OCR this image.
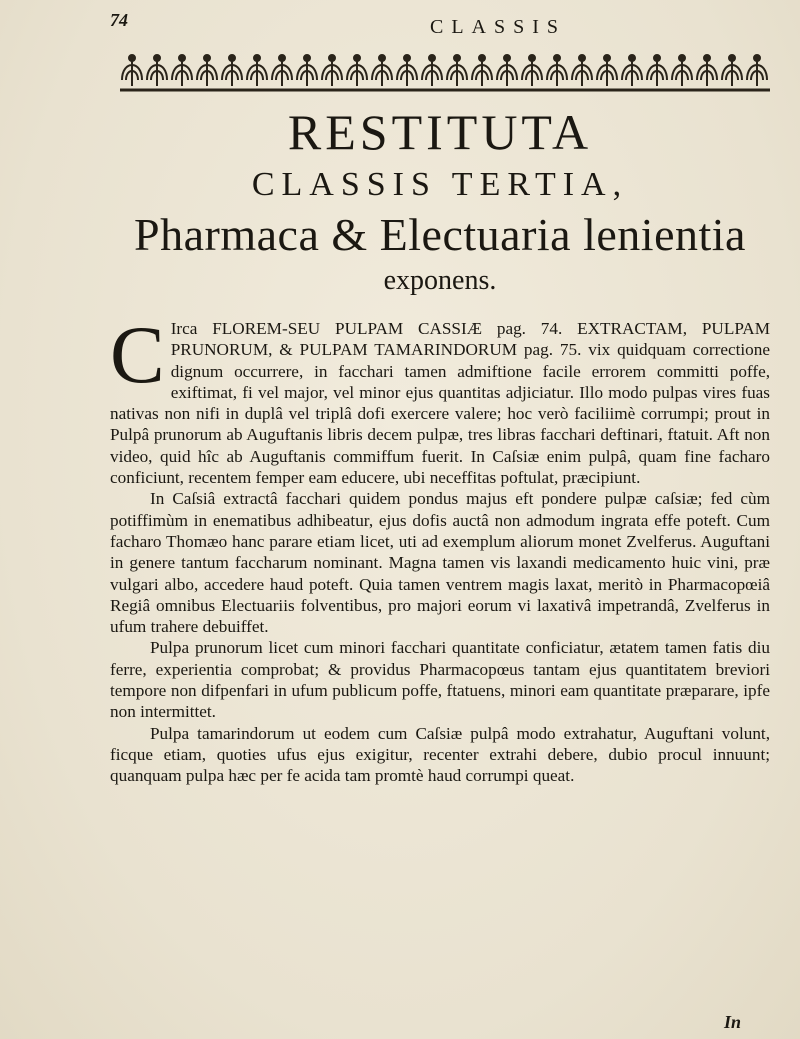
74	CLASSIS
RESTITUTA
CLASSIS TERTIA,
Pharmaca & Electuaria lenientia
exponens.

C Irca FLOREM-SEU PULPAM CASSIÆ pag. 74. EXTRACTAM, PULPAM PRUNORUM, & PULPAM TAMARINDORUM pag. 75. vix quidquam correctione dignum occurrere, in facchari tamen admiftione facile errorem committi poffe, exiftimat, fi vel major, vel minor ejus quantitas adjiciatur. Illo modo pulpas vires fuas nativas non nifi in duplâ vel triplâ dofi exercere valere; hoc verò faciliimè corrumpi; prout in Pulpâ prunorum ab Auguftanis libris decem pulpæ, tres libras facchari deftinari, ftatuit. Aft non video, quid hîc ab Auguftanis commiffum fuerit. In Caſsiæ enim pulpâ, quam fine facharo conficiunt, recentem femper eam educere, ubi neceffitas poftulat, præcipiunt.

In Caſsiâ extractâ facchari quidem pondus majus eft pondere pulpæ caſsiæ; fed cùm potiffimùm in enematibus adhibeatur, ejus dofis auctâ non admodum ingrata effe poteft. Cum facharo Thomæo hanc parare etiam licet, uti ad exemplum aliorum monet Zvelferus. Auguftani in genere tantum faccharum nominant. Magna tamen vis laxandi medicamento huic vini, præ vulgari albo, accedere haud poteft. Quia tamen ventrem magis laxat, meritò in Pharmacopœiâ Regiâ omnibus Electuariis folventibus, pro majori eorum vi laxativâ impetrandâ, Zvelferus in ufum trahere debuiffet.

Pulpa prunorum licet cum minori facchari quantitate conficiatur, ætatem tamen fatis diu ferre, experientia comprobat; & providus Pharmacopœus tantam ejus quantitatem breviori tempore non difpenfari in ufum publicum poffe, ftatuens, minori eam quantitate præparare, ipfe non intermittet.

Pulpa tamarindorum ut eodem cum Caſsiæ pulpâ modo extrahatur, Auguftani volunt, ficque etiam, quoties ufus ejus exigitur, recenter extrahi debere, dubio procul innuunt; quanquam pulpa hæc per fe acida tam promtè haud corrumpi queat.

In
